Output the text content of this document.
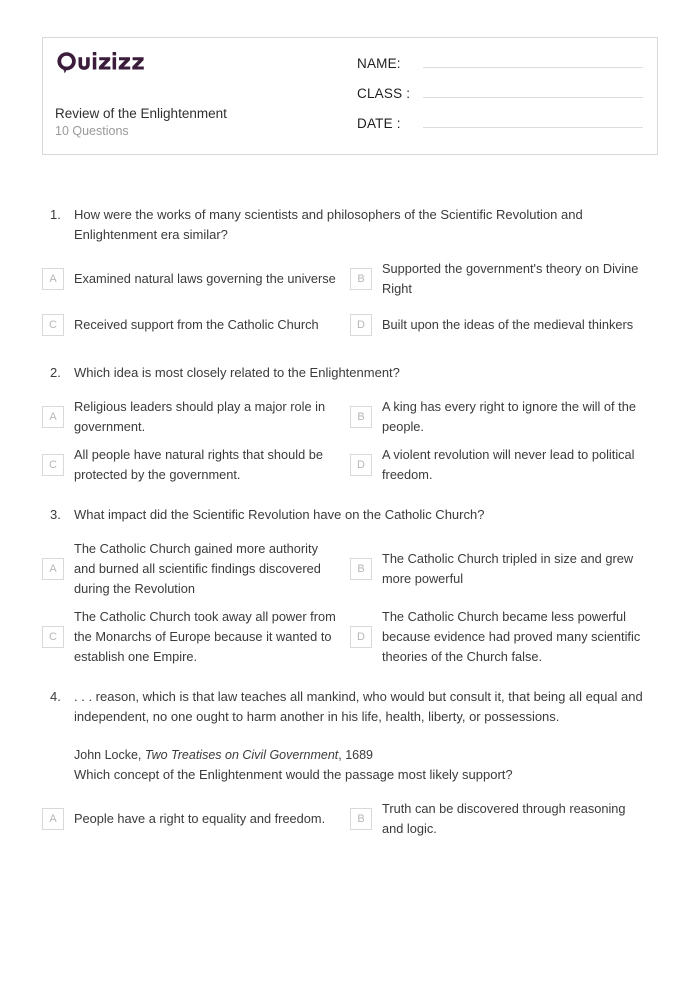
Review of the Enlightenment
10 Questions
NAME:
CLASS :
DATE :
1.	How were the works of many scientists and philosophers of the Scientific Revolution and Enlightenment era similar?
A	Examined natural laws governing the universe	B
Supported the government's theory on Divine Right
C	Received support from the Catholic Church	D	Built upon the ideas of the medieval thinkers
2.	Which idea is most closely related to the Enlightenment?
A
Religious leaders should play a major role in government.
B
A king has every right to ignore the will of the people.
C
All people have natural rights that should be protected by the government.
D
A violent revolution will never lead to political freedom.
3.	What impact did the Scientific Revolution have on the Catholic Church?
A
The Catholic Church gained more authority and burned all scientific findings discovered during the Revolution
B
The Catholic Church tripled in size and grew more powerful
C
The Catholic Church took away all power from the Monarchs of Europe because it wanted to establish one Empire.
D
The Catholic Church became less powerful because evidence had proved many scientific theories of the Church false.
4.	. . . reason, which is that law teaches all mankind, who would but consult it, that being all equal and independent, no one ought to harm another in his life, health, liberty, or possessions.
John Locke, Two Treatises on Civil Government, 1689
Which concept of the Enlightenment would the passage most likely support?
A	People have a right to equality and freedom.	B
Truth can be discovered through reasoning and logic.
